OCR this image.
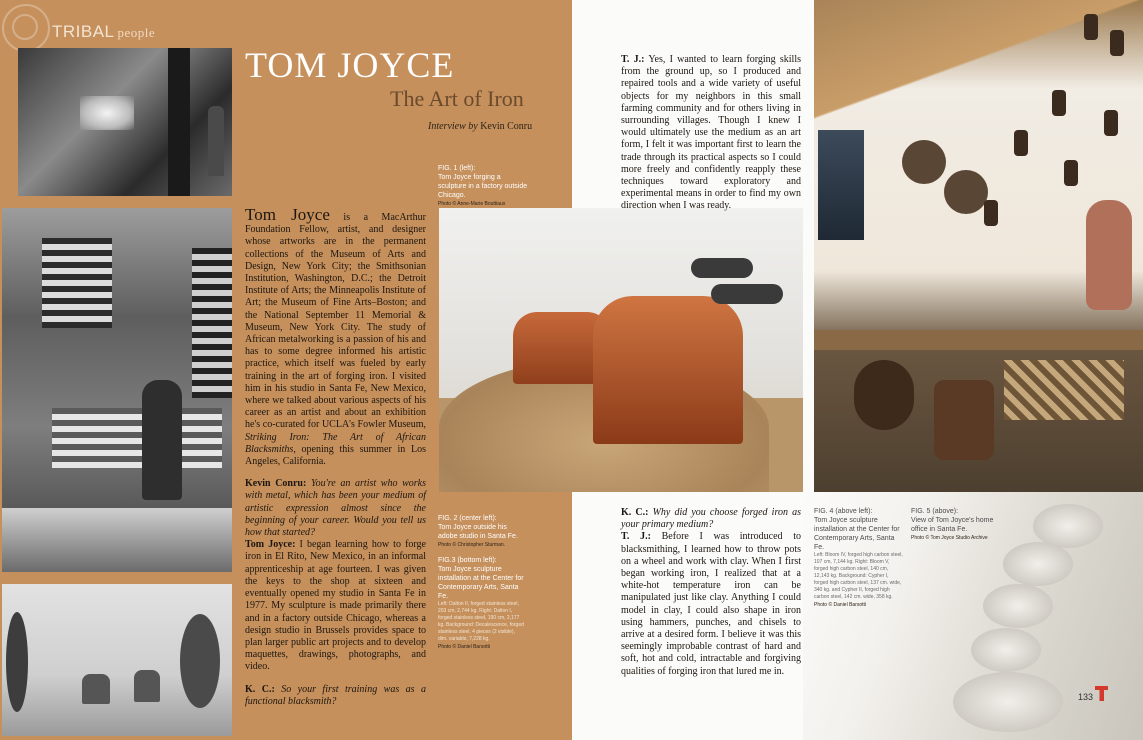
TRIBAL people
TOM JOYCE
The Art of Iron
Interview by Kevin Conru
FIG. 1 (left):
Tom Joyce forging a sculpture in a factory outside Chicago.
Photo © Anne-Marie Bouttiaux
FIG. 2 (center left):
Tom Joyce outside his adobe studio in Santa Fe.
Photo © Christopher Sturman.
FIG.3 (bottom left):
Tom Joyce sculpture installation at the Center for Contemporary Arts, Santa Fe.
Left: Dalton II, forged stainless steel, 203 cm, 2,744 kg. Right: Dalton I, forged stainless steel, 190 cm, 2,177 kg. Background: Decalescence, forged stainless steel, 4 pieces (2 visible), dim. variable, 7,228 kg.
Photo © Daniel Barsotti
FIG. 4 (above left):
Tom Joyce sculpture installation at the Center for Contemporary Arts, Santa Fe.
Left: Bloom IV, forged high carbon steel, 107 cm, 7,144 kg. Right: Bloom V, forged high carbon steel, 140 cm, 12,143 kg. Background: Cypher I, forged high carbon steel, 137 cm. wide, 340 kg. and Cypher II, forged high carbon steel, 142 cm. wide, 358 kg.
Photo © Daniel Barsotti
FIG. 5 (above):
View of Tom Joyce's home office in Santa Fe.
Photo © Tom Joyce Studio Archive

Tom Joyce is a MacArthur Foundation Fellow, artist, and designer whose artworks are in the permanent collections of the Museum of Arts and Design, New York City; the Smithsonian Institution, Washington, D.C.; the Detroit Institute of Arts; the Minneapolis Institute of Art; the Museum of Fine Arts–Boston; and the National September 11 Memorial & Museum, New York City. The study of African metalworking is a passion of his and has to some degree informed his artistic practice, which itself was fueled by early training in the art of forging iron. I visited him in his studio in Santa Fe, New Mexico, where we talked about various aspects of his career as an artist and about an exhibition he's co-curated for UCLA's Fowler Museum, Striking Iron: The Art of African Blacksmiths, opening this summer in Los Angeles, California.

Kevin Conru: You're an artist who works with metal, which has been your medium of artistic expression almost since the beginning of your career. Would you tell us how that started?

Tom Joyce: I began learning how to forge iron in El Rito, New Mexico, in an informal apprenticeship at age fourteen. I was given the keys to the shop at sixteen and eventually opened my studio in Santa Fe in 1977. My sculpture is made primarily there and in a factory outside Chicago, whereas a design studio in Brussels provides space to plan larger public art projects and to develop maquettes, drawings, photographs, and video.

K. C.: So your first training was as a functional blacksmith?

T. J.: Yes, I wanted to learn forging skills from the ground up, so I produced and repaired tools and a wide variety of useful objects for my neighbors in this small farming community and for others living in surrounding villages. Though I knew I would ultimately use the medium as an art form, I felt it was important first to learn the trade through its practical aspects so I could more freely and confidently reapply these techniques toward exploratory and experimental means in order to find my own direction when I was ready.

K. C.: Why did you choose forged iron as your primary medium?

T. J.: Before I was introduced to blacksmithing, I learned how to throw pots on a wheel and work with clay. When I first began working iron, I realized that at a white-hot temperature iron can be manipulated just like clay. Anything I could model in clay, I could also shape in iron using hammers, punches, and chisels to arrive at a desired form. I believe it was this seemingly improbable contrast of hard and soft, hot and cold, intractable and forgiving qualities of forging iron that lured me in.

133
